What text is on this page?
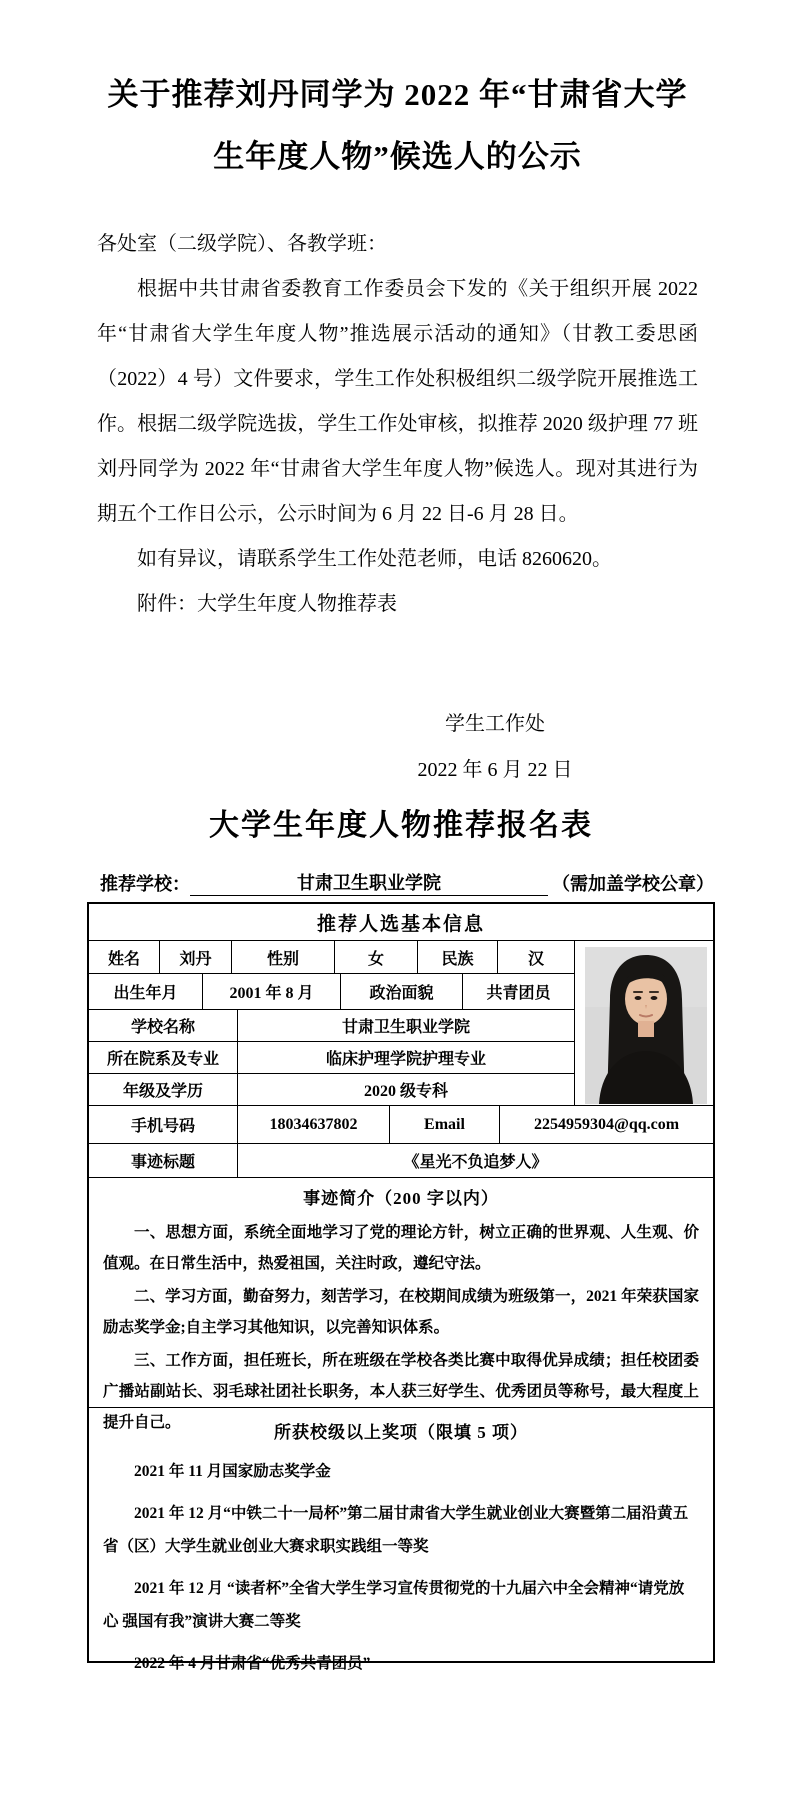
关于推荐刘丹同学为 2022 年“甘肃省大学
生年度人物”候选人的公示

各处室（二级学院）、各教学班：

根据中共甘肃省委教育工作委员会下发的《关于组织开展 2022 年“甘肃省大学生年度人物”推选展示活动的通知》（甘教工委思函（2022）4 号）文件要求，学生工作处积极组织二级学院开展推选工作。根据二级学院选拔，学生工作处审核，拟推荐 2020 级护理 77 班刘丹同学为 2022 年“甘肃省大学生年度人物”候选人。现对其进行为期五个工作日公示，公示时间为 6 月 22 日-6 月 28 日。

如有异议，请联系学生工作处范老师，电话 8260620。

附件：大学生年度人物推荐表

学生工作处
2022 年 6 月 22 日
大学生年度人物推荐报名表
推荐学校：	甘肃卫生职业学院	（需加盖学校公章）
推荐人选基本信息
姓名	刘丹	性别	女	民族	汉
出生年月	2001 年 8 月	政治面貌	共青团员
学校名称	甘肃卫生职业学院
所在院系及专业	临床护理学院护理专业
年级及学历	2020 级专科
手机号码	18034637802	Email	2254959304@qq.com
事迹标题	《星光不负追梦人》
事迹简介（200 字以内）

一、思想方面，系统全面地学习了党的理论方针，树立正确的世界观、人生观、价值观。在日常生活中，热爱祖国，关注时政，遵纪守法。

二、学习方面，勤奋努力，刻苦学习，在校期间成绩为班级第一，2021 年荣获国家励志奖学金;自主学习其他知识，以完善知识体系。

三、工作方面，担任班长，所在班级在学校各类比赛中取得优异成绩；担任校团委广播站副站长、羽毛球社团社长职务，本人获三好学生、优秀团员等称号，最大程度上提升自己。

所获校级以上奖项（限填 5 项）

2021 年 11 月国家励志奖学金

2021 年 12 月“中铁二十一局杯”第二届甘肃省大学生就业创业大赛暨第二届沿黄五省（区）大学生就业创业大赛求职实践组一等奖

2021 年 12 月 “读者杯”全省大学生学习宣传贯彻党的十九届六中全会精神“请党放心 强国有我”演讲大赛二等奖

2022 年 4 月甘肃省“优秀共青团员”
